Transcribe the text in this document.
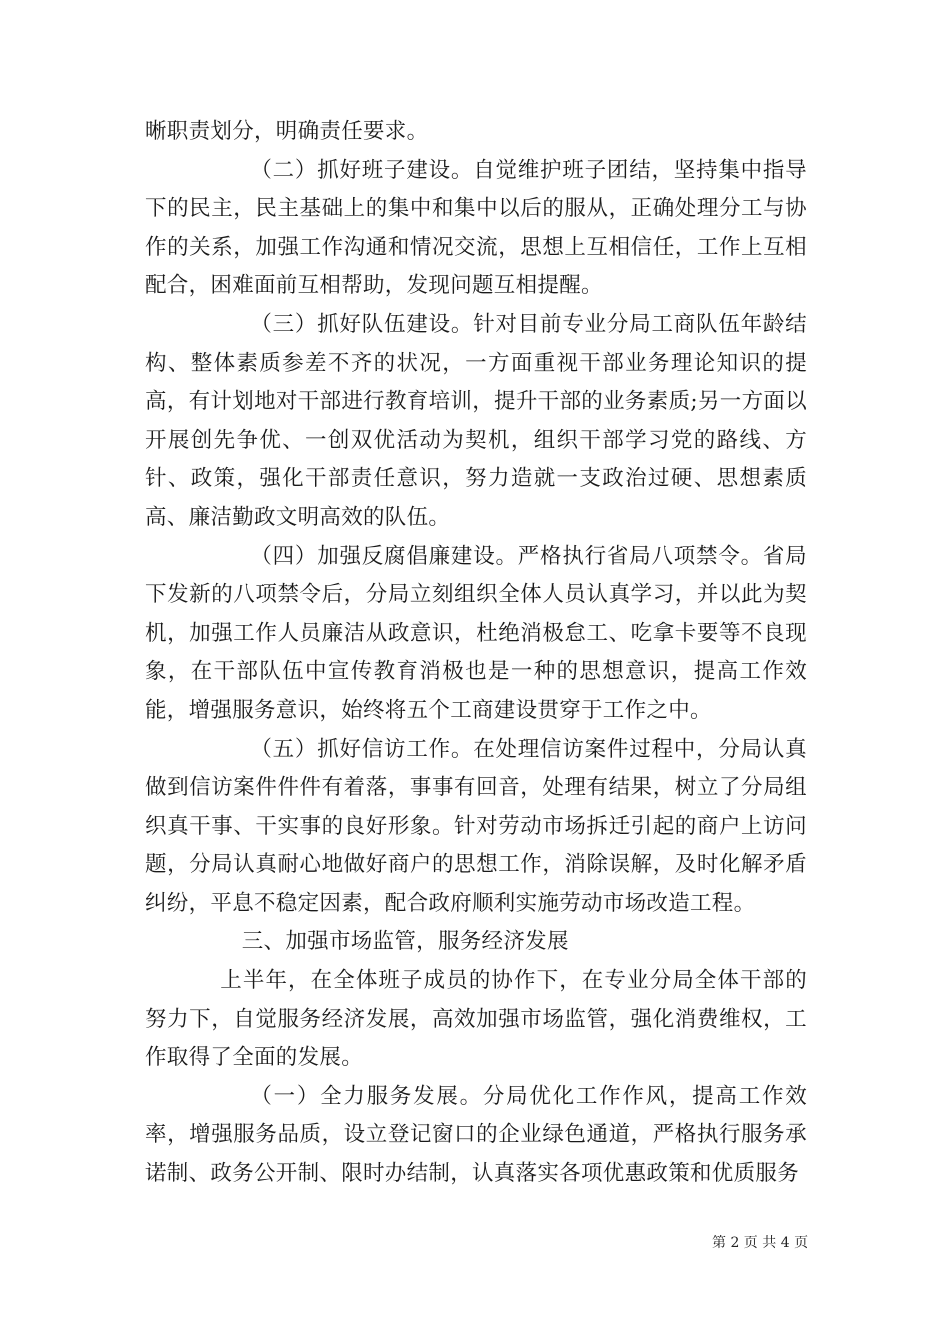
晰职责划分，明确责任要求。

（二）抓好班子建设。自觉维护班子团结，坚持集中指导下的民主，民主基础上的集中和集中以后的服从，正确处理分工与协作的关系，加强工作沟通和情况交流，思想上互相信任，工作上互相配合，困难面前互相帮助，发现问题互相提醒。

（三）抓好队伍建设。针对目前专业分局工商队伍年龄结构、整体素质参差不齐的状况，一方面重视干部业务理论知识的提高，有计划地对干部进行教育培训，提升干部的业务素质;另一方面以开展创先争优、一创双优活动为契机，组织干部学习党的路线、方针、政策，强化干部责任意识，努力造就一支政治过硬、思想素质高、廉洁勤政文明高效的队伍。

（四）加强反腐倡廉建设。严格执行省局八项禁令。省局下发新的八项禁令后，分局立刻组织全体人员认真学习，并以此为契机，加强工作人员廉洁从政意识，杜绝消极怠工、吃拿卡要等不良现象，在干部队伍中宣传教育消极也是一种的思想意识，提高工作效能，增强服务意识，始终将五个工商建设贯穿于工作之中。

（五）抓好信访工作。在处理信访案件过程中，分局认真做到信访案件件件有着落，事事有回音，处理有结果，树立了分局组织真干事、干实事的良好形象。针对劳动市场拆迁引起的商户上访问题，分局认真耐心地做好商户的思想工作，消除误解，及时化解矛盾纠纷，平息不稳定因素，配合政府顺利实施劳动市场改造工程。

三、加强市场监管，服务经济发展

上半年，在全体班子成员的协作下，在专业分局全体干部的努力下，自觉服务经济发展，高效加强市场监管，强化消费维权，工作取得了全面的发展。

（一）全力服务发展。分局优化工作作风，提高工作效率，增强服务品质，设立登记窗口的企业绿色通道，严格执行服务承诺制、政务公开制、限时办结制，认真落实各项优惠政策和优质服务

第 2 页 共 4 页
